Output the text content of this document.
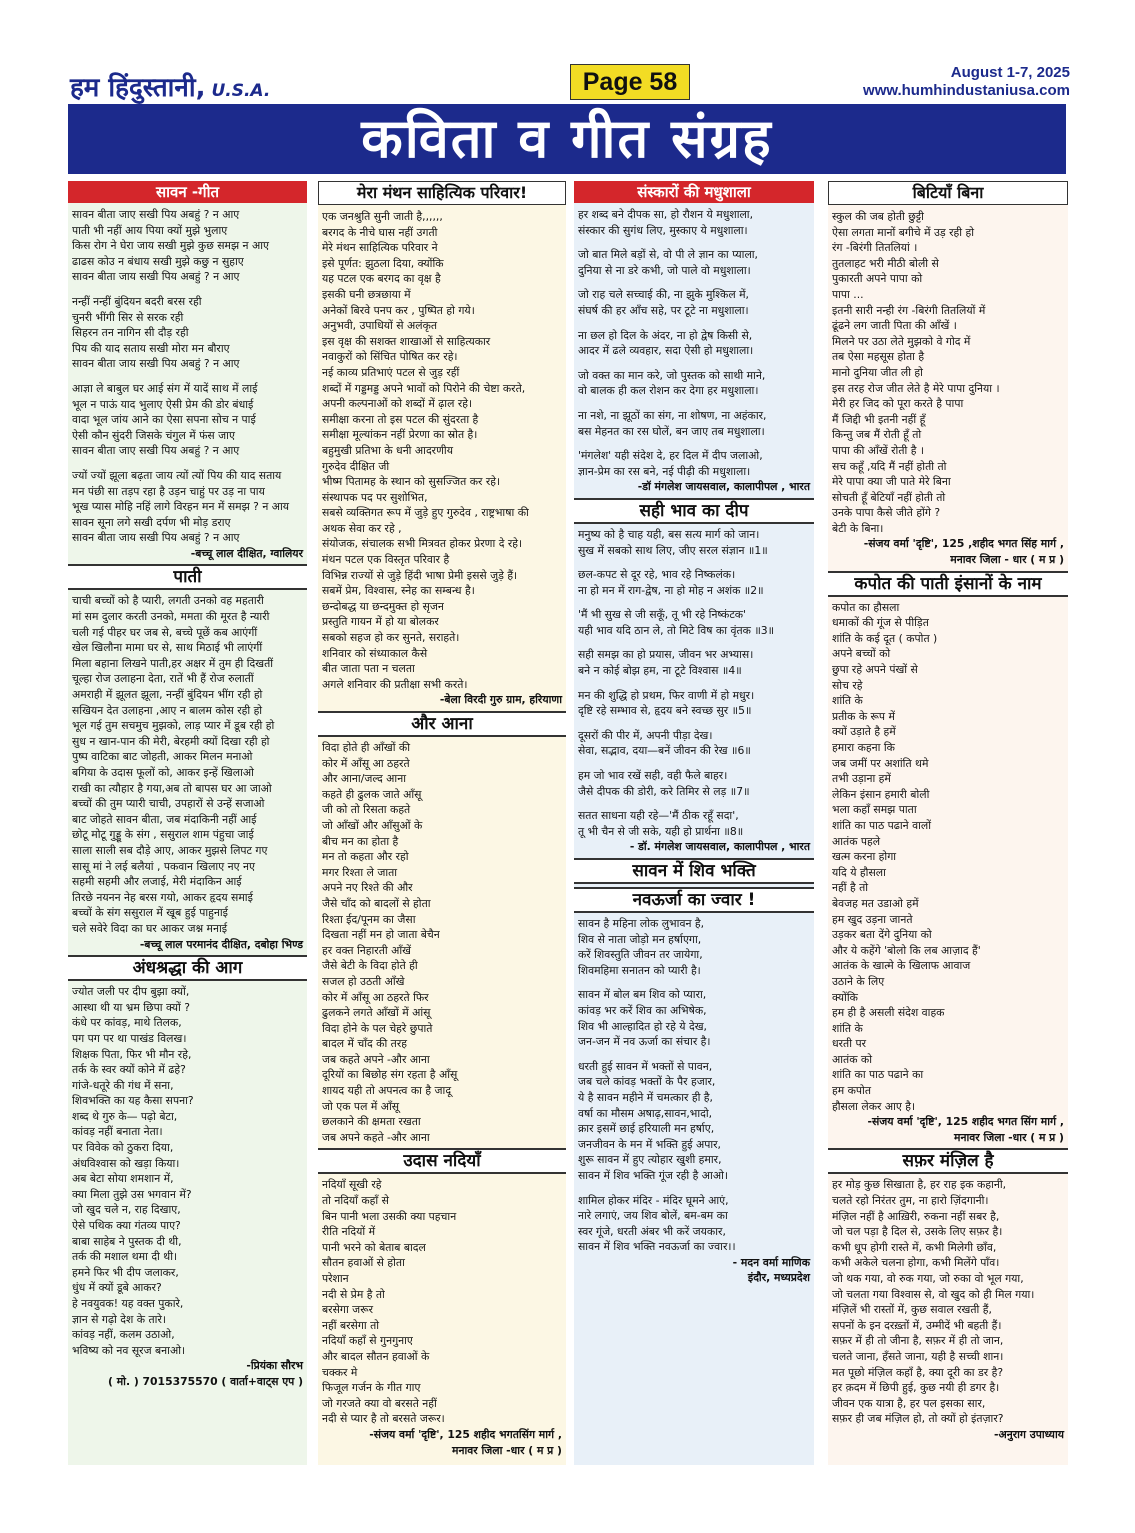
हम हिंदुस्तानी, U.S.A.	Page 58	August 1-7, 2025
www.humhindustaniusa.com
कविता व गीत संग्रह
सावन -गीत
सावन बीता जाए सखी पिय अबहुं ? न आए
पाती भी नहीं आय पिया क्यों मुझे भुलाए
किस रोग ने घेरा जाय सखी मुझे कुछ समझ न आए
ढाढस कोउ न बंधाय सखी मुझे कछु न सुहाए
सावन बीता जाय सखी पिय अबहुं ? न आए
नन्हीं नन्हीं बुंदियन बदरी बरस रही
चुनरी भींगी सिर से सरक रही
सिहरन तन नागिन सी दौड़ रही
पिय की याद सताय सखी मोरा मन बौराए
सावन बीता जाय सखी पिय अबहुं ? न आए
आज्ञा ले बाबुल घर आई संग में यादें साथ में लाई
भूल न पाऊं याद भुलाए ऐसी प्रेम की डोर बंधाई
वादा भूल जांय आने का ऐसा सपना सोच न पाई
ऐसी कौन सुंदरी जिसके चंगुल में फंस जाए
सावन बीता जाए सखी पिय अबहुं ? न आए
ज्यों ज्यों झूला बढ़ता जाय त्यों त्यों पिय की याद सताय
मन पंछी सा तड़प रहा है उड़न चाहुं पर उड़ ना पाय
भूख प्यास मोहि नहिं लागे विरहन मन में समझ ? न आय
सावन सूना लगे सखी दर्पण भी मोड़ डराए
सावन बीता जाय सखी पिय अबहुं ? न आए
-बच्चू लाल दीक्षित, ग्वालियर
पाती
चाची बच्चों को है प्यारी, लगती उनको वह महतारी
मां सम दुलार करती उनको, ममता की मूरत है न्यारी
चली गई पीहर घर जब से, बच्चे पूछें कब आएंगीं
खेल खिलौना मामा घर से, साथ मिठाई भी लाएंगीं
मिला बहाना लिखने पाती,हर अक्षर में तुम ही दिखतीं
चूल्हा रोज उलाहना देता, रातें भी हैं रोज रुलातीं
अमराही में झूलत झूला, नन्हीं बुंदियन भींग रही हो
सखियन देत उलाहना ,आए न बालम कोस रही हो
भूल गई तुम सचमुच मुझको, लाड़ प्यार में डूब रही हो
सुध न खान-पान की मेरी, बेरहमी क्यों दिखा रही हो
पुष्प वाटिका बाट जोहती, आकर मिलन मनाओ
बगिया के उदास फूलों को, आकर इन्हें खिलाओ
राखी का त्यौहार है गया,अब तो बापस घर आ जाओ
बच्चों की तुम प्यारी चाची, उपहारों से उन्हें सजाओ
बाट जोहते सावन बीता, जब मंदाकिनी नहीं आई
छोटू मोटू गुड्डू के संग , ससुराल शाम पंहुचा जाई
साला साली सब दौड़े आए, आकर मुझसे लिपट गए
सासू मां ने लई बलैयां , पकवान खिलाए नए नए
सहमी सहमी और लजाई, मेरी मंदाकिन आई
तिरछे नयनन नेह बरस गयो, आकर हृदय समाई
बच्चों के संग ससुराल में खूब हुई पाहुनाई
चले सवेरे विदा का घर आकर जश्न मनाई
-बच्चू लाल परमानंद दीक्षित, दबोहा भिण्ड
अंधश्रद्धा की आग
ज्योत जली पर दीप बुझा क्यों,
आस्था थी या भ्रम छिपा क्यों ?
कंधे पर कांवड़, माथे तिलक,
पग पग पर था पाखंड विलख।
शिक्षक पिता, फिर भी मौन रहे,
तर्क के स्वर क्यों कोने में ढहे?
गांजे-धतूरे की गंध में सना,
शिवभक्ति का यह कैसा सपना?
शब्द थे गुरु के— पढ़ो बेटा,
कांवड़ नहीं बनाता नेता।
पर विवेक को ठुकरा दिया,
अंधविश्वास को खड़ा किया।
अब बेटा सोया शमशान में,
क्या मिला तुझे उस भगवान में?
जो खुद चले न, राह दिखाए,
ऐसे पथिक क्या गंतव्य पाए?
बाबा साहेब ने पुस्तक दी थी,
तर्क की मशाल थमा दी थी।
हमने फिर भी दीप जलाकर,
धुंध में क्यों डूबे आकर?
हे नवयुवक! यह वक्त पुकारे,
ज्ञान से गढ़ो देश के तारे।
कांवड़ नहीं, कलम उठाओ,
भविष्य को नव सूरज बनाओ।
-प्रियंका सौरभ
( मो. ) 7015375570 ( वार्ता+वाट्स एप )
मेरा मंथन साहित्यिक परिवार!
एक जनश्रुति सुनी जाती है,,,,,,
बरगद के नीचे घास नहीं उगती
मेरे मंथन साहित्यिक परिवार ने
इसे पूर्णत: झुठला दिया, क्योंकि
यह पटल एक बरगद का वृक्ष है
इसकी घनी छत्रछाया में
अनेकों बिरवे पनप कर , पुष्पित हो गये।
अनुभवी, उपाधियों से अलंकृत
इस वृक्ष की सशक्त शाखाओं से साहित्यकार
नवाकुरों को सिंचित पोषित कर रहे।
नई काव्य प्रतिभाएं पटल से जुड़ रहीं
शब्दों में गड्डमड्ड अपने भावों को पिरोने की चेष्टा करते,
अपनी कल्पनाओं को शब्दों में ढ़ाल रहे।
समीक्षा करना तो इस पटल की सुंदरता है
समीक्षा मूल्यांकन नहीं प्रेरणा का स्रोत है।
बहुमुखी प्रतिभा के धनी आदरणीय
गुरुदेव दीक्षित जी
भीष्म पितामह के स्थान को सुसज्जित कर रहे।
संस्थापक पद पर सुशोभित,
सबसे व्यक्तिगत रूप में जुड़े हुए गुरुदेव , राष्ट्रभाषा की
अथक सेवा कर रहे ,
संयोजक, संचालक सभी मित्रवत होकर प्रेरणा दे रहे।
मंथन पटल एक विस्तृत परिवार है
विभिन्न राज्यों से जुड़े हिंदी भाषा प्रेमी इससे जुड़े हैं।
सबमें प्रेम, विश्वास, स्नेह का सम्बन्ध है।
छन्दोबद्ध या छन्दमुक्त हो सृजन
प्रस्तुति गायन में हो या बोलकर
सबको सहज हो कर सुनते, सराहते।
शनिवार को संध्याकाल कैसे
बीत जाता पता न चलता
अगले शनिवार की प्रतीक्षा सभी करते।
-बेला विरदी गुरु ग्राम, हरियाणा
और आना
विदा होते ही आँखों की
कोर में आँसू आ ठहरते
और आना/जल्द आना
कहते ही ढुलक जाते आँसू
जी को तो रिसता कहते
जो आँखों और आँसुओं के
बीच मन का होता है
मन तो कहता और रहो
मगर रिश्ता ले जाता
अपने नए रिश्ते की और
जैसे चाँद को बादलों से होता
रिश्ता ईद/पूनम का जैसा
दिखता नहीं मन हो जाता बेचैन
हर वक्त निहारती आँखें
जैसे बेटी के विदा होते ही
सजल हो उठती आँखे
कोर में आँसू आ ठहरते फिर
ढुलकने लगते आँखों में आंसू
विदा होने के पल चेहरे छुपाते
बादल में चाँद की तरह
जब कहते अपने -और आना
दूरियों का बिछोह संग रहता है आँसू
शायद यही तो अपनत्व का है जादू
जो एक पल में आँसू
छलकाने की क्षमता रखता
जब अपने कहते -और आना
उदास नदियाँ
नदियाँ सूखी रहे
तो नदियाँ कहाँ से
बिन पानी भला उसकी क्या पहचान
रीति नदियों में
पानी भरने को बेताब बादल
सौतन हवाओं से होता
परेशान
नदी से प्रेम है तो
बरसेगा जरूर
नहीं बरसेगा तो
नदियाँ कहाँ से गुनगुनाए
और बादल सौतन हवाओं के
चक्कर मे
फिजूल गर्जन के गीत गाए
जो गरजते क्या वो बरसते नहीं
नदी से प्यार है तो बरसते जरूर।
-संजय वर्मा 'दृष्टि', 125 शहीद भगतसिंग मार्ग ,
मनावर जिला -धार ( म प्र )
संस्कारों की मधुशाला
हर शब्द बने दीपक सा, हो रौशन ये मधुशाला,
संस्कार की सुगंध लिए, मुस्काए ये मधुशाला।
जो बात मिले बड़ों से, वो पी ले ज्ञान का प्याला,
दुनिया से ना डरे कभी, जो पाले वो मधुशाला।
जो राह चले सच्चाई की, ना झुके मुश्किल में,
संघर्ष की हर आँच सहे, पर टूटे ना मधुशाला।
ना छल हो दिल के अंदर, ना हो द्वेष किसी से,
आदर में ढले व्यवहार, सदा ऐसी हो मधुशाला।
जो वक्त का मान करे, जो पुस्तक को साथी माने,
वो बालक ही कल रोशन कर देगा हर मधुशाला।
ना नशे, ना झूठों का संग, ना शोषण, ना अहंकार,
बस मेहनत का रस घोलें, बन जाए तब मधुशाला।
'मंगलेश' यही संदेश दे, हर दिल में दीप जलाओ,
ज्ञान-प्रेम का रस बने, नई पीढ़ी की मधुशाला।
-डॉ मंगलेश जायसवाल, कालापीपल , भारत
सही भाव का दीप
मनुष्य को है चाह यही, बस सत्य मार्ग को जान।
सुख में सबको साथ लिए, जीए सरल संज्ञान ॥1॥
छल-कपट से दूर रहे, भाव रहे निष्कलंक।
ना हो मन में राग-द्वेष, ना हो मोह न अशंक ॥2॥
'मैं भी सुख से जी सकूँ, तू भी रहे निष्कंटक'
यही भाव यदि ठान ले, तो मिटे विष का वृंतक ॥3॥
सही समझ का हो प्रयास, जीवन भर अभ्यास।
बने न कोई बोझ हम, ना टूटे विश्वास ॥4॥
मन की शुद्धि हो प्रथम, फिर वाणी में हो मधुर।
दृष्टि रहे सम्भाव से, हृदय बने स्वच्छ सुर ॥5॥
दूसरों की पीर में, अपनी पीड़ा देख।
सेवा, सद्भाव, दया—बनें जीवन की रेख ॥6॥
हम जो भाव रखें सही, वही फैले बाहर।
जैसे दीपक की डोरी, करे तिमिर से लड़ ॥7॥
सतत साधना यही रहे—'मैं ठीक रहूँ सदा',
तू भी चैन से जी सके, यही हो प्रार्थना ॥8॥
- डॉ. मंगलेश जायसवाल, कालापीपल , भारत
सावन में शिव भक्ति
नवऊर्जा का ज्वार !
सावन है महिना लोक लुभावन है,
शिव से नाता जोड़ो मन हर्षाएगा,
करें शिवस्तुति जीवन तर जायेगा,
शिवमहिमा सनातन को प्यारी है।
सावन में बोल बम शिव को प्यारा,
कांवड़ भर करें शिव का अभिषेक,
शिव भी आल्हादित हो रहे ये देख,
जन-जन में नव ऊर्जा का संचार है।
धरती हुई सावन में भक्तों से पावन,
जब चले कांवड़ भक्तों के पैर हजार,
ये है सावन महीने में चमत्कार ही है,
वर्षा का मौसम अषाढ़,सावन,भादो,
क्रार इसमें छाई हरियाली मन हर्षाए,
जनजीवन के मन में भक्ति हुई अपार,
शुरू सावन में हुए त्योहार खुशी हमार,
सावन में शिव भक्ति गूंज रही है आओ।
शामिल होकर मंदिर - मंदिर घूमने आएं,
नारे लगाएं, जय शिव बोलें, बम-बम का
स्वर गूंजे, धरती अंबर भी करें जयकार,
सावन में शिव भक्ति नवऊर्जा का ज्वार।।
- मदन वर्मा माणिक
इंदौर, मध्यप्रदेश
बिटियाँ बिना
स्कुल की जब होती छुट्टी
ऐसा लगता मानों बगीचे में उड़ रही हो
रंग -बिरंगी तितलियां ।
तुतलाहट भरी मीठी बोली से
पुकारती अपने पापा को
पापा ...
इतनी सारी नन्ही रंग -बिरंगी तितलियों में
ढूंढने लग जाती पिता की आँखें ।
मिलने पर उठा लेते मुझको वे गोद में
तब ऐसा महसूस होता है
मानो दुनिया जीत ली हो
इस तरह रोज जीत लेते है मेरे पापा दुनिया ।
मेरी हर जिद को पूरा करते है पापा
मैं जिद्दी भी इतनी नहीं हूँ
किन्तु जब मैं रोती हूँ तो
पापा की आँखें रोती है ।
सच कहूँ ,यदि मैं नहीं होती तो
मेरे पापा क्या जी पाते मेरे बिना
सोचती हूँ बेटियाँ नहीं होती तो
उनके पापा कैसे जीते होंगे ?
बेटी के बिना।
-संजय वर्मा 'दृष्टि', 125 ,शहीद भगत सिंह मार्ग ,
मनावर जिला - धार ( म प्र )
कपोत की पाती इंसानों के नाम
कपोत का हौसला
धमाकों की गूंज से पीड़ित
शांति के कई दूत ( कपोत )
अपने बच्चों को
छुपा रहे अपने पंखों से
सोच रहे
शांति के
प्रतीक के रूप में
क्यों उड़ाते है हमें
हमारा कहना कि
जब जमीं पर अशांति थमे
तभी उड़ाना हमें
लेकिन इंसान हमारी बोली
भला कहाँ समझ पाता
शांति का पाठ पढाने वालों
आतंक पहले
खत्म करना होगा
यदि ये हौसला
नहीं है तो
बेवजह मत उडाओ हमें
हम खुद उड़ना जानते
उड़कर बता देंगे दुनिया को
और ये कहेंगे 'बोलो कि लब आज़ाद हैं'
आतंक के खात्मे के खिलाफ आवाज
उठाने के लिए
क्योंकि
हम ही है असली संदेश वाहक
शांति के
धरती पर
आतंक को
शांति का पाठ पढाने का
हम कपोत
हौसला लेकर आए है।
-संजय वर्मा 'दृष्टि', 125 शहीद भगत सिंग मार्ग ,
मनावर जिला -धार ( म प्र )
सफ़र मंज़िल है
हर मोड़ कुछ सिखाता है, हर राह इक कहानी,
चलते रहो निरंतर तुम, ना हारो ज़िंदगानी।
मंज़िल नहीं है आख़िरी, रुकना नहीं सबर है,
जो चल पड़ा है दिल से, उसके लिए सफ़र है।
कभी धूप होगी रास्ते में, कभी मिलेगी छाँव,
कभी अकेले चलना होगा, कभी मिलेंगे पाँव।
जो थक गया, वो रुक गया, जो रुका वो भूल गया,
जो चलता गया विश्वास से, वो खुद को ही मिल गया।
मंज़िलें भी रास्तों में, कुछ सवाल रखती हैं,
सपनों के इन दरख़्तों में, उम्मीदें भी बहती हैं।
सफ़र में ही तो जीना है, सफ़र में ही तो जान,
चलते जाना, हँसते जाना, यही है सच्ची शान।
मत पूछो मंज़िल कहाँ है, क्या दूरी का डर है?
हर क़दम में छिपी हुई, कुछ नयी ही डगर है।
जीवन एक यात्रा है, हर पल इसका सार,
सफ़र ही जब मंज़िल हो, तो क्यों हो इंतज़ार?
-अनुराग उपाध्याय
